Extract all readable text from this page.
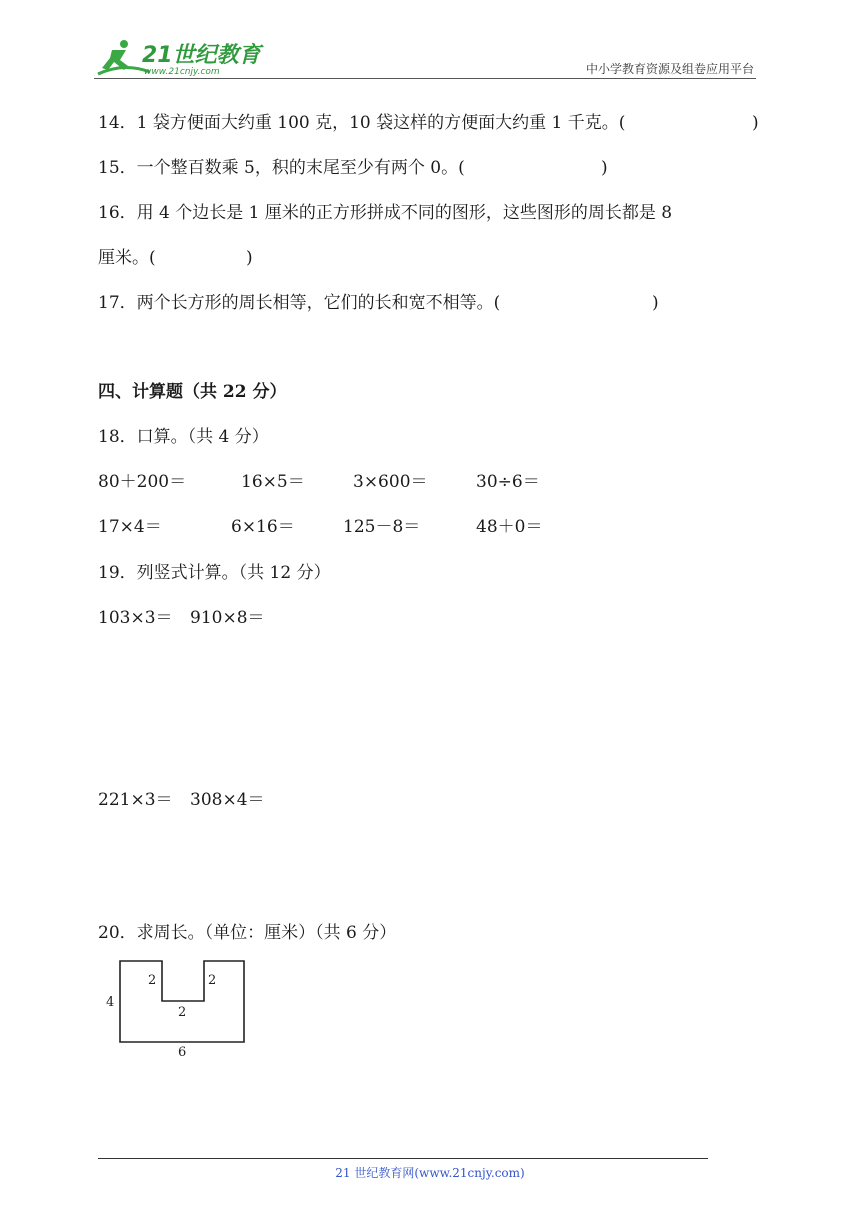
21世纪教育
www.21cnjy.com	中小学教育资源及组卷应用平台
14．1 袋方便面大约重 100 克，10 袋这样的方便面大约重 1 千克。(	)
15．一个整百数乘 5，积的末尾至少有两个 0。(	)
16．用 4 个边长是 1 厘米的正方形拼成不同的图形，这些图形的周长都是 8
厘米。(	)
17．两个长方形的周长相等，它们的长和宽不相等。(	)
四、计算题（共 22 分）
18．口算。（共 4 分）
80＋200＝	16×5＝	3×600＝	30÷6＝
17×4＝	6×16＝	125－8＝	48＋0＝
19．列竖式计算。（共 12 分）
103×3＝ 910×8＝
221×3＝ 308×4＝
20．求周长。（单位：厘米）（共 6 分）
4
6
2	2
2
21 世纪教育网(www.21cnjy.com)
